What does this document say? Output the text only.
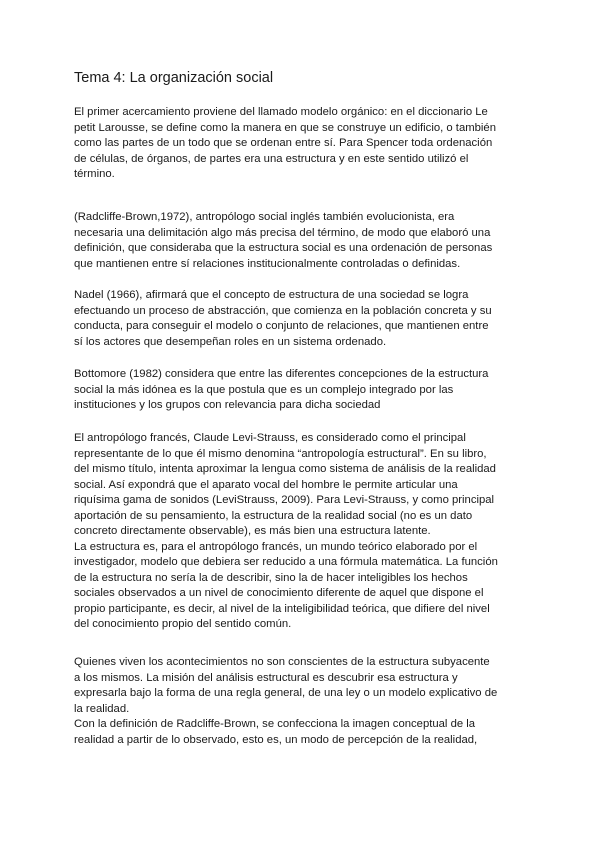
Tema 4: La organización social
El primer acercamiento proviene del llamado modelo orgánico: en el diccionario Le
petit Larousse, se define como la manera en que se construye un edificio, o también
como las partes de un todo que se ordenan entre sí. Para Spencer toda ordenación
de células, de órganos, de partes era una estructura y en este sentido utilizó el
término.
(Radcliffe-Brown,1972), antropólogo social inglés también evolucionista, era
necesaria una delimitación algo más precisa del término, de modo que elaboró una
definición, que consideraba que la estructura social es una ordenación de personas
que mantienen entre sí relaciones institucionalmente controladas o definidas.
Nadel (1966), afirmará que el concepto de estructura de una sociedad se logra
efectuando un proceso de abstracción, que comienza en la población concreta y su
conducta, para conseguir el modelo o conjunto de relaciones, que mantienen entre
sí los actores que desempeñan roles en un sistema ordenado.
Bottomore (1982) considera que entre las diferentes concepciones de la estructura
social la más idónea es la que postula que es un complejo integrado por las
instituciones y los grupos con relevancia para dicha sociedad
El antropólogo francés, Claude Levi-Strauss, es considerado como el principal
representante de lo que él mismo denomina “antropología estructural”. En su libro,
del mismo título, intenta aproximar la lengua como sistema de análisis de la realidad
social. Así expondrá que el aparato vocal del hombre le permite articular una
riquísima gama de sonidos (LeviStrauss, 2009). Para Levi-Strauss, y como principal
aportación de su pensamiento, la estructura de la realidad social (no es un dato
concreto directamente observable), es más bien una estructura latente.
La estructura es, para el antropólogo francés, un mundo teórico elaborado por el
investigador, modelo que debiera ser reducido a una fórmula matemática. La función
de la estructura no sería la de describir, sino la de hacer inteligibles los hechos
sociales observados a un nivel de conocimiento diferente de aquel que dispone el
propio participante, es decir, al nivel de la inteligibilidad teórica, que difiere del nivel
del conocimiento propio del sentido común.
Quienes viven los acontecimientos no son conscientes de la estructura subyacente
a los mismos. La misión del análisis estructural es descubrir esa estructura y
expresarla bajo la forma de una regla general, de una ley o un modelo explicativo de
la realidad.
Con la definición de Radcliffe-Brown, se confecciona la imagen conceptual de la
realidad a partir de lo observado, esto es, un modo de percepción de la realidad,
